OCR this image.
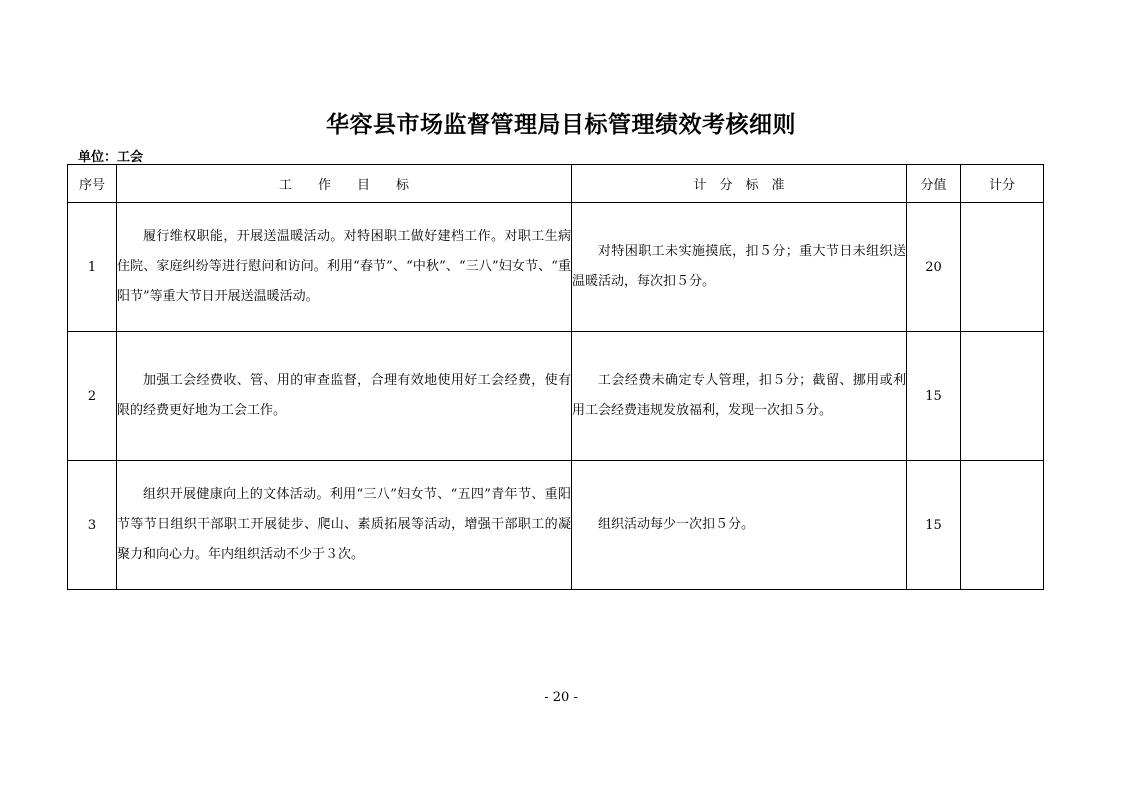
华容县市场监督管理局目标管理绩效考核细则
单位：工会
序号	工　　作　　目　　标	计　分　标　准	分值	计分
1	履行维权职能，开展送温暖活动。对特困职工做好建档工作。对职工生病住院、家庭纠纷等进行慰问和访问。利用“春节”、“中秋”、“三八”妇女节、“重阳节”等重大节日开展送温暖活动。	对特困职工未实施摸底，扣５分；重大节日未组织送温暖活动，每次扣５分。	20	
2	加强工会经费收、管、用的审查监督，合理有效地使用好工会经费，使有限的经费更好地为工会工作。	工会经费未确定专人管理，扣５分；截留、挪用或利用工会经费违规发放福利，发现一次扣５分。	15	
3	组织开展健康向上的文体活动。利用“三八”妇女节、“五四”青年节、重阳节等节日组织干部职工开展徒步、爬山、素质拓展等活动，增强干部职工的凝聚力和向心力。年内组织活动不少于３次。	组织活动每少一次扣５分。	15	
- 20 -
